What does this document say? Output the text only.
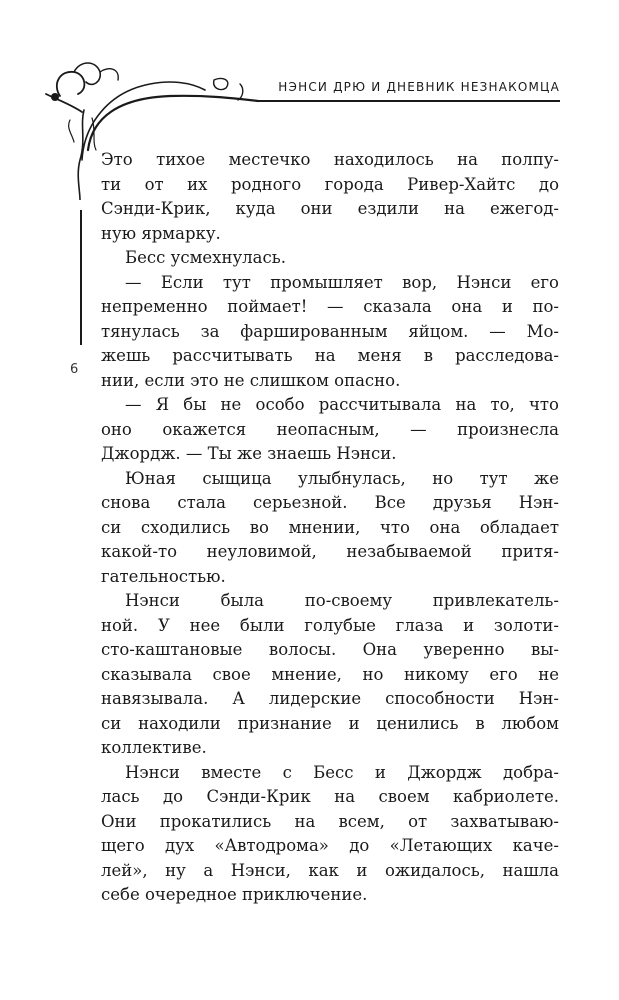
НЭНСИ ДРЮ И ДНЕВНИК НЕЗНАКОМЦА
6
Это тихое местечко находилось на полпу-
ти от их родного города Ривер-Хайтс до
Сэнди-Крик, куда они ездили на ежегод-
ную ярмарку.
Бесс усмехнулась.
— Если тут промышляет вор, Нэнси его
непременно поймает! — сказала она и по-
тянулась за фаршированным яйцом. — Мо-
жешь рассчитывать на меня в расследова-
нии, если это не слишком опасно.
— Я бы не особо рассчитывала на то, что
оно окажется неопасным, — произнесла
Джордж. — Ты же знаешь Нэнси.
Юная сыщица улыбнулась, но тут же
снова стала серьезной. Все друзья Нэн-
си сходились во мнении, что она обладает
какой-то неуловимой, незабываемой притя-
гательностью.
Нэнси была по-своему привлекатель-
ной. У нее были голубые глаза и золоти-
сто-каштановые волосы. Она уверенно вы-
сказывала свое мнение, но никому его не
навязывала. А лидерские способности Нэн-
си находили признание и ценились в любом
коллективе.
Нэнси вместе с Бесс и Джордж добра-
лась до Сэнди-Крик на своем кабриолете.
Они прокатились на всем, от захватываю-
щего дух «Автодрома» до «Летающих каче-
лей», ну а Нэнси, как и ожидалось, нашла
себе очередное приключение.
